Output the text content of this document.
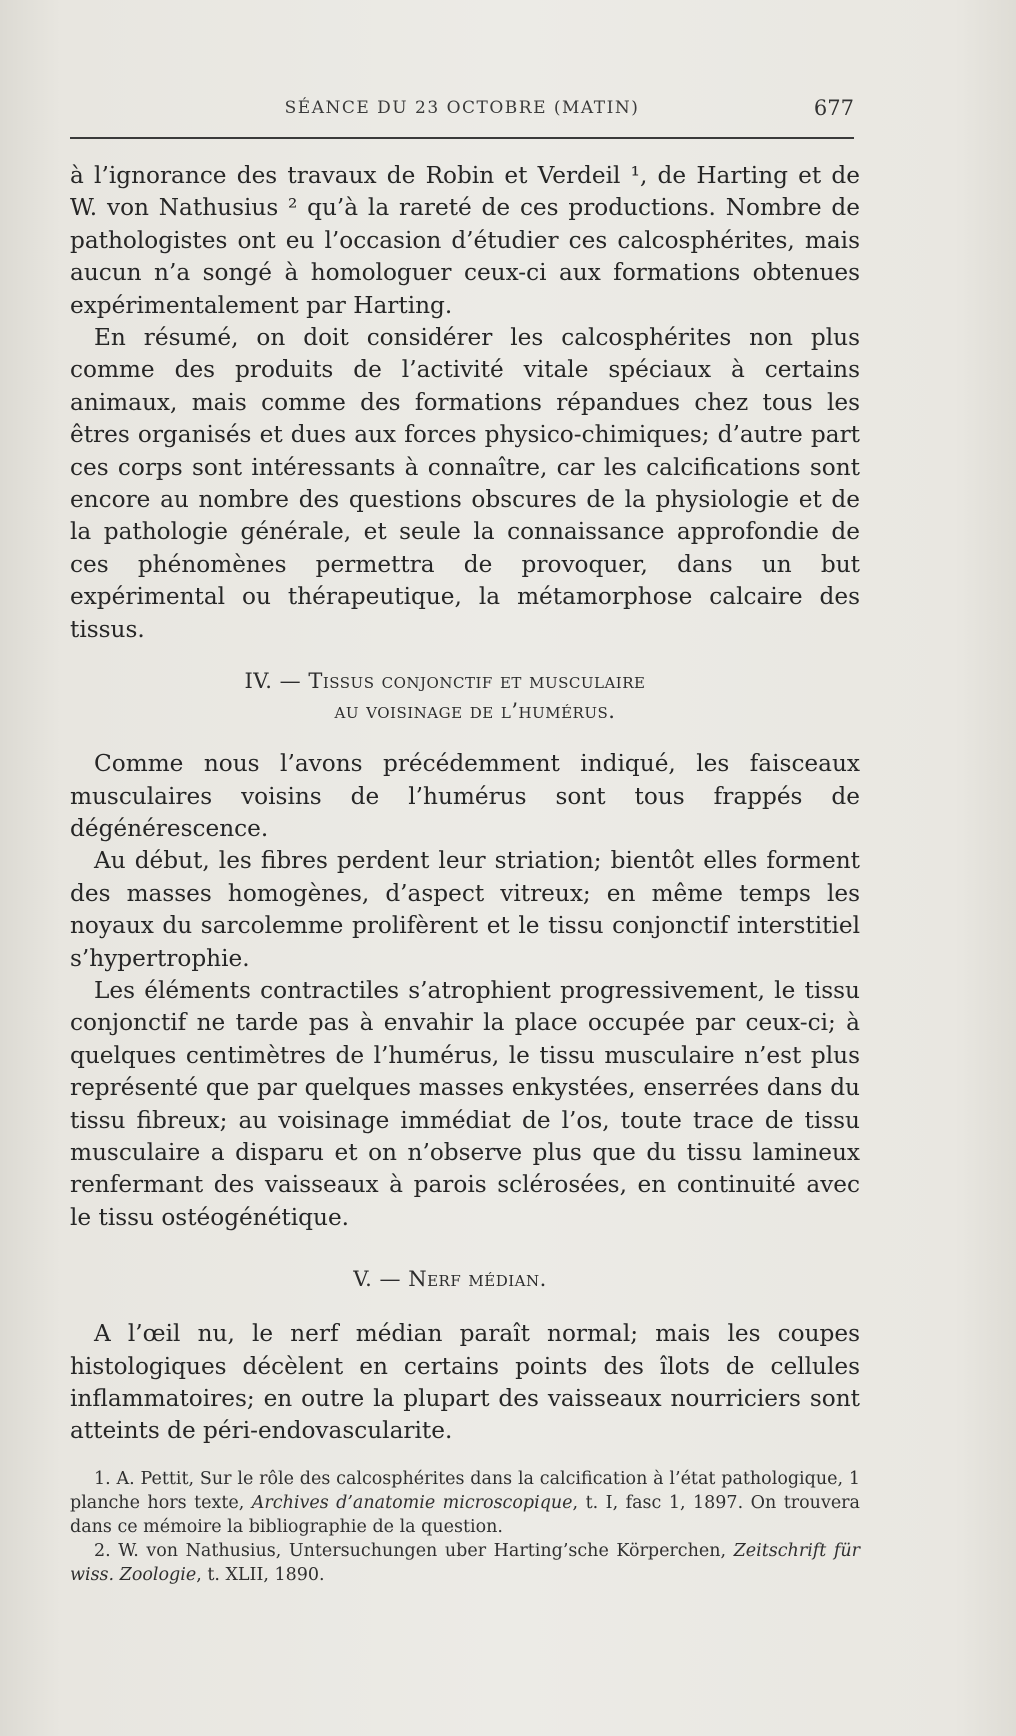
SÉANCE DU 23 OCTOBRE (MATIN)	677

à l’ignorance des travaux de Robin et Verdeil ¹, de Harting et de W. von Nathusius ² qu’à la rareté de ces productions. Nombre de pathologistes ont eu l’occasion d’étudier ces calcosphérites, mais aucun n’a songé à homologuer ceux-ci aux formations obtenues expérimentalement par Harting.

En résumé, on doit considérer les calcosphérites non plus comme des produits de l’activité vitale spéciaux à certains animaux, mais comme des formations répandues chez tous les êtres organisés et dues aux forces physico-chimiques; d’autre part ces corps sont intéressants à connaître, car les calcifications sont encore au nombre des questions obscures de la physiologie et de la pathologie générale, et seule la connaissance approfondie de ces phénomènes permettra de provoquer, dans un but expérimental ou thérapeutique, la métamorphose calcaire des tissus.

IV. — Tissus conjonctif et musculaire

au voisinage de l’humérus.

Comme nous l’avons précédemment indiqué, les faisceaux musculaires voisins de l’humérus sont tous frappés de dégénérescence.

Au début, les fibres perdent leur striation; bientôt elles forment des masses homogènes, d’aspect vitreux; en même temps les noyaux du sarcolemme prolifèrent et le tissu conjonctif interstitiel s’hypertrophie.

Les éléments contractiles s’atrophient progressivement, le tissu conjonctif ne tarde pas à envahir la place occupée par ceux-ci; à quelques centimètres de l’humérus, le tissu musculaire n’est plus représenté que par quelques masses enkystées, enserrées dans du tissu fibreux; au voisinage immédiat de l’os, toute trace de tissu musculaire a disparu et on n’observe plus que du tissu lamineux renfermant des vaisseaux à parois sclérosées, en continuité avec le tissu ostéogénétique.

V. — Nerf médian.

A l’œil nu, le nerf médian paraît normal; mais les coupes histologiques décèlent en certains points des îlots de cellules inflammatoires; en outre la plupart des vaisseaux nourriciers sont atteints de péri-endovascularite.

1. A. Pettit, Sur le rôle des calcosphérites dans la calcification à l’état pathologique, 1 planche hors texte, Archives d’anatomie microscopique, t. I, fasc 1, 1897. On trouvera dans ce mémoire la bibliographie de la question.

2. W. von Nathusius, Untersuchungen uber Harting’sche Körperchen, Zeitschrift für wiss. Zoologie, t. XLII, 1890.
